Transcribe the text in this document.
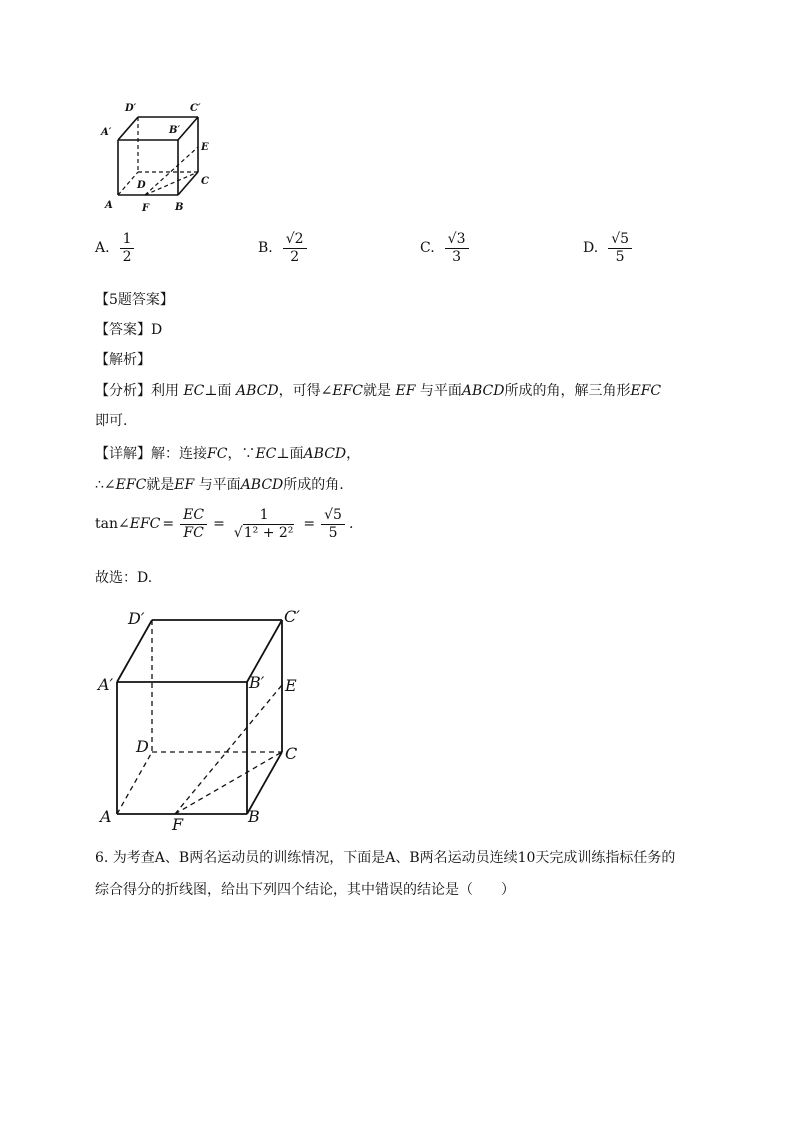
D′	C′
A′	B′
E
C
D
A	F	B
A. $\frac{1}{2}$	B. $\frac{√2}{2}$	C. $\frac{√3}{3}$	D. $\frac{√5}{5}$
【5题答案】
【答案】D
【解析】
【分析】利用 EC⊥面 ABCD，可得∠EFC就是 EF 与平面ABCD所成的角，解三角形EFC
即可.
【详解】解：连接FC，∵EC⊥面ABCD，
∴∠EFC就是EF 与平面ABCD所成的角.
tan∠ EFC = $\frac{EC}{FC} = \frac{1}{\text{√1² + 2²}} = \frac{√5}{5}$ .
故选：D.
D′	C′
A′	B′ E
D	C
A	F	B
6. 为考查A、B两名运动员的训练情况，下面是A、B两名运动员连续10天完成训练指标任务的
综合得分的折线图，给出下列四个结论，其中错误的结论是（　　）
